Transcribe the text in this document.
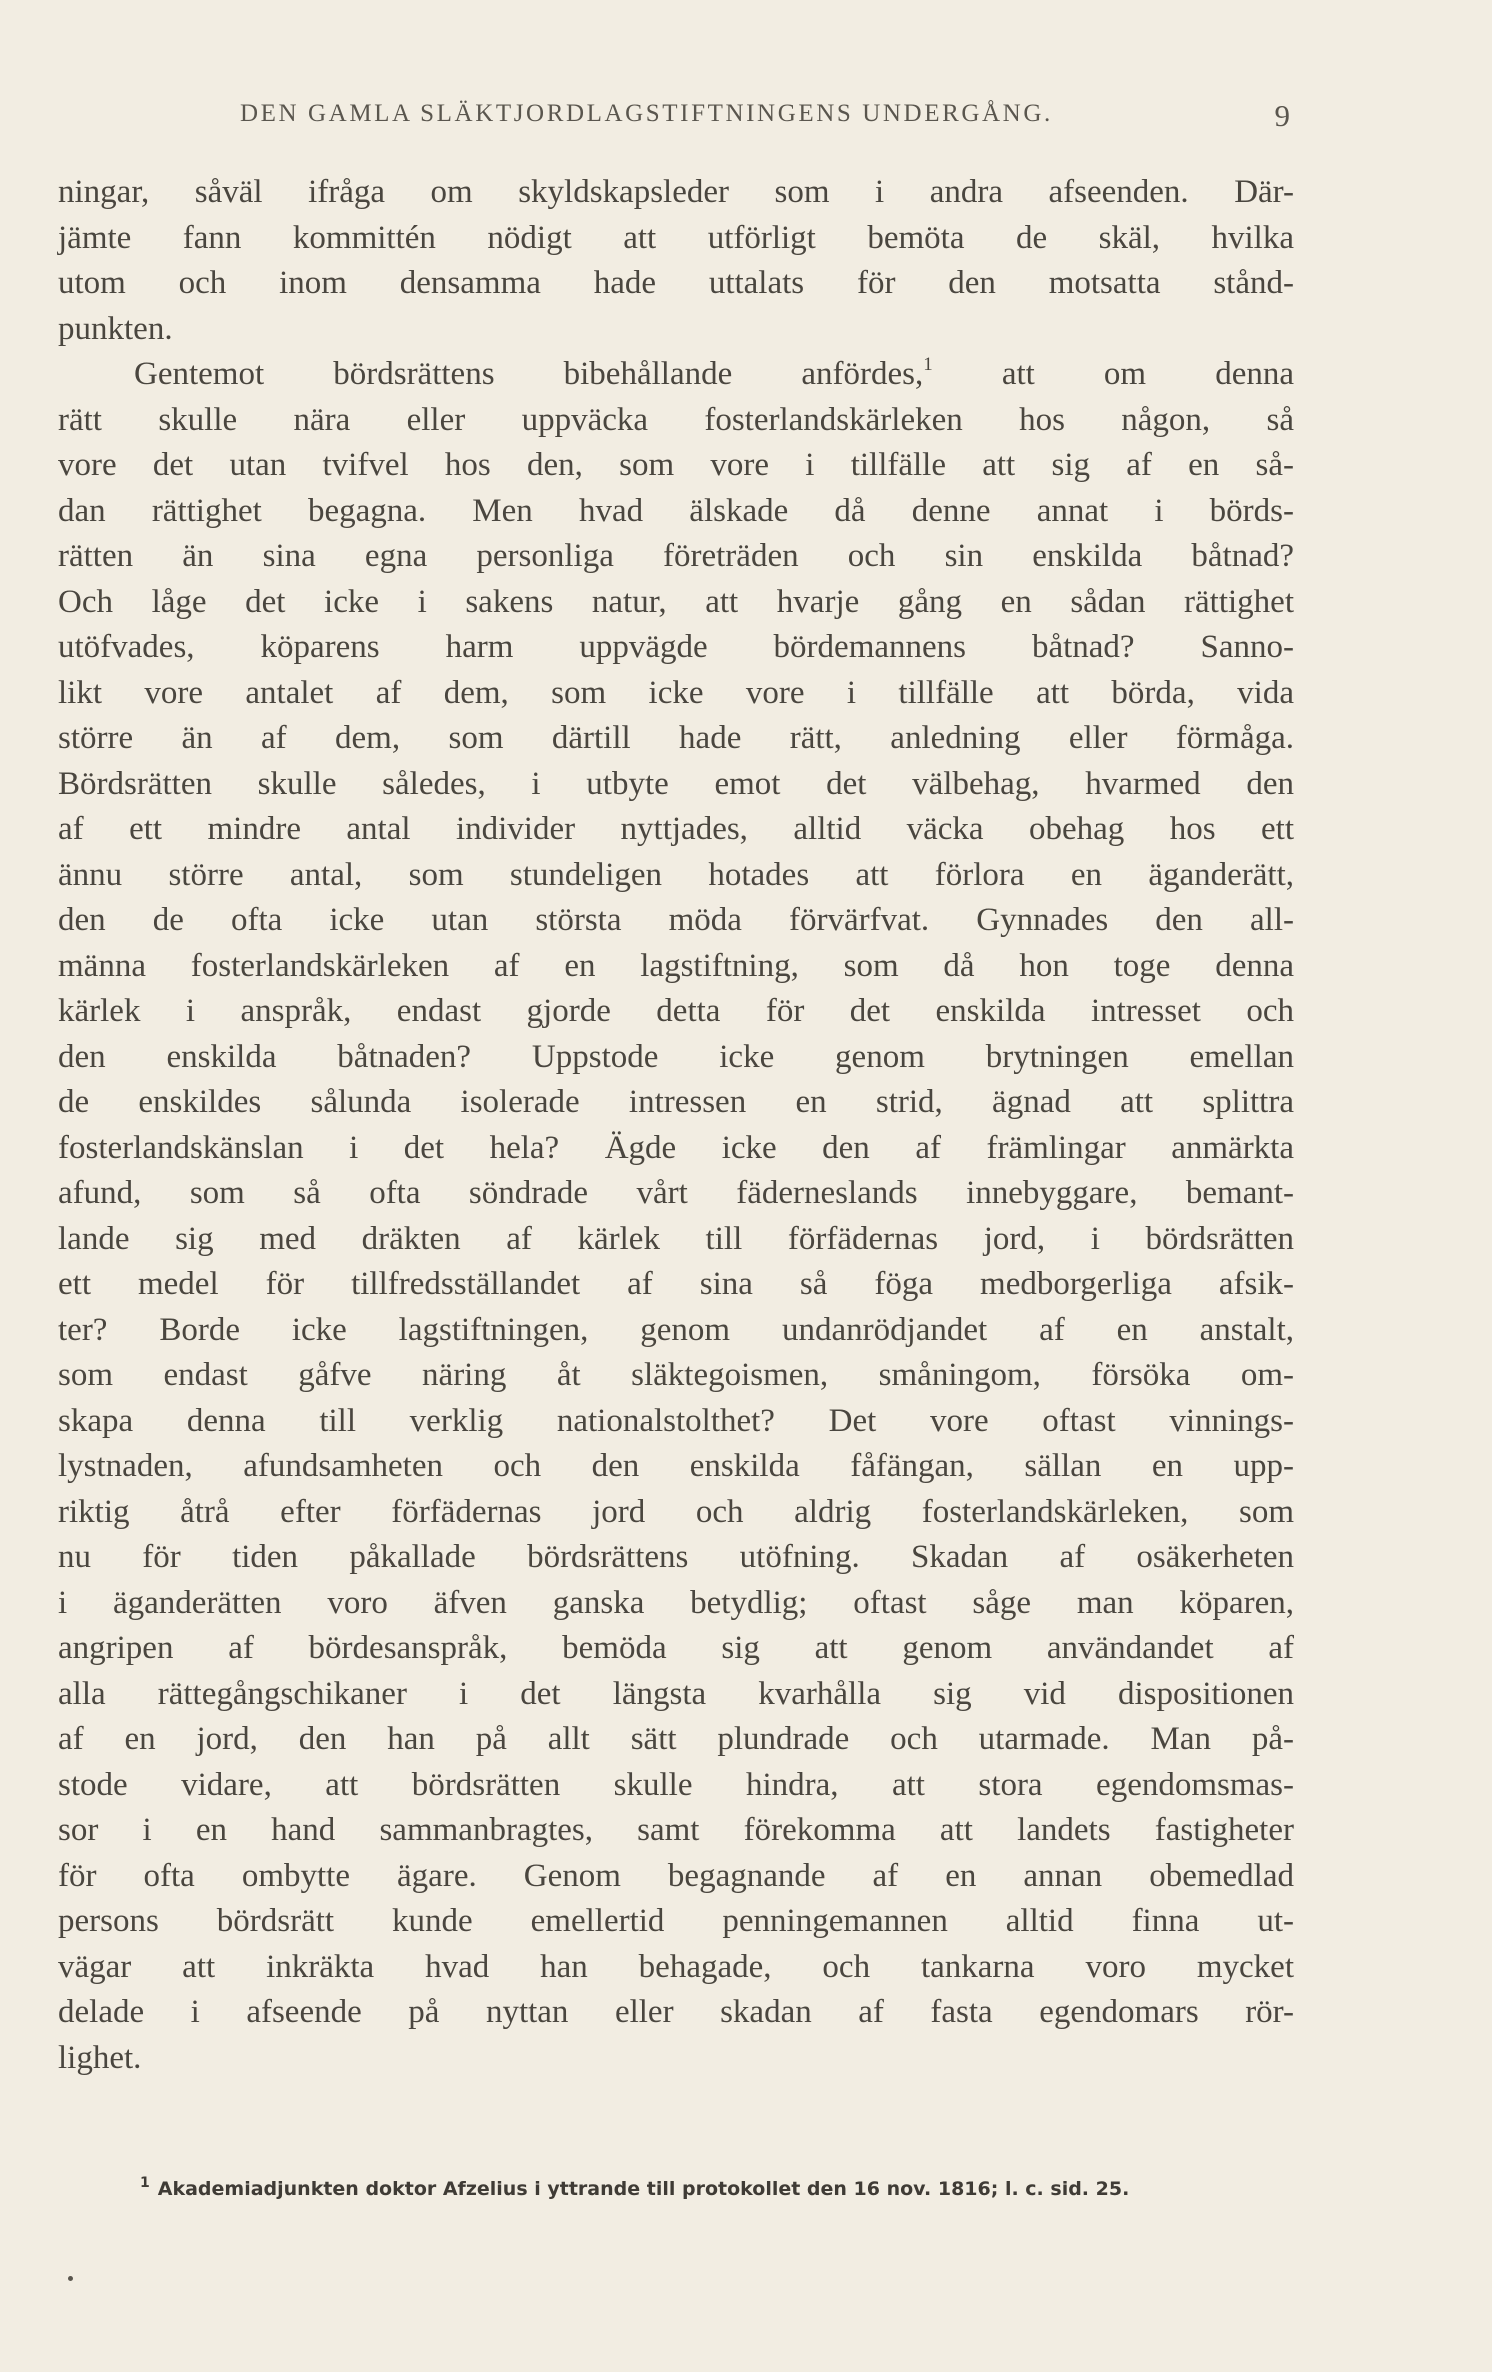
DEN GAMLA SLÄKTJORDLAGSTIFTNINGENS UNDERGÅNG.	9
ningar, såväl ifråga om skyldskapsleder som i andra afseenden. Där-
jämte fann kommittén nödigt att utförligt bemöta de skäl, hvilka
utom och inom densamma hade uttalats för den motsatta stånd-
punkten.
Gentemot bördsrättens bibehållande anfördes,$^1$ att om denna
rätt skulle nära eller uppväcka fosterlandskärleken hos någon, så
vore det utan tvifvel hos den, som vore i tillfälle att sig af en så-
dan rättighet begagna. Men hvad älskade då denne annat i börds-
rätten än sina egna personliga företräden och sin enskilda båtnad?
Och låge det icke i sakens natur, att hvarje gång en sådan rättighet
utöfvades, köparens harm uppvägde bördemannens båtnad? Sanno-
likt vore antalet af dem, som icke vore i tillfälle att börda, vida
större än af dem, som därtill hade rätt, anledning eller förmåga.
Bördsrätten skulle således, i utbyte emot det välbehag, hvarmed den
af ett mindre antal individer nyttjades, alltid väcka obehag hos ett
ännu större antal, som stundeligen hotades att förlora en äganderätt,
den de ofta icke utan största möda förvärfvat. Gynnades den all-
männa fosterlandskärleken af en lagstiftning, som då hon toge denna
kärlek i anspråk, endast gjorde detta för det enskilda intresset och
den enskilda båtnaden? Uppstode icke genom brytningen emellan
de enskildes sålunda isolerade intressen en strid, ägnad att splittra
fosterlandskänslan i det hela? Ägde icke den af främlingar anmärkta
afund, som så ofta söndrade vårt fäderneslands innebyggare, bemant-
lande sig med dräkten af kärlek till förfädernas jord, i bördsrätten
ett medel för tillfredsställandet af sina så föga medborgerliga afsik-
ter? Borde icke lagstiftningen, genom undanrödjandet af en anstalt,
som endast gåfve näring åt släktegoismen, småningom, försöka om-
skapa denna till verklig nationalstolthet? Det vore oftast vinnings-
lystnaden, afundsamheten och den enskilda fåfängan, sällan en upp-
riktig åtrå efter förfädernas jord och aldrig fosterlandskärleken, som
nu för tiden påkallade bördsrättens utöfning. Skadan af osäkerheten
i äganderätten voro äfven ganska betydlig; oftast såge man köparen,
angripen af bördesanspråk, bemöda sig att genom användandet af
alla rättegångschikaner i det längsta kvarhålla sig vid dispositionen
af en jord, den han på allt sätt plundrade och utarmade. Man på-
stode vidare, att bördsrätten skulle hindra, att stora egendomsmas-
sor i en hand sammanbragtes, samt förekomma att landets fastigheter
för ofta ombytte ägare. Genom begagnande af en annan obemedlad
persons bördsrätt kunde emellertid penningemannen alltid finna ut-
vägar att inkräkta hvad han behagade, och tankarna voro mycket
delade i afseende på nyttan eller skadan af fasta egendomars rör-
lighet.
$^1$ Akademiadjunkten doktor Afzelius i yttrande till protokollet den 16 nov. 1816; l. c. sid. 25.
